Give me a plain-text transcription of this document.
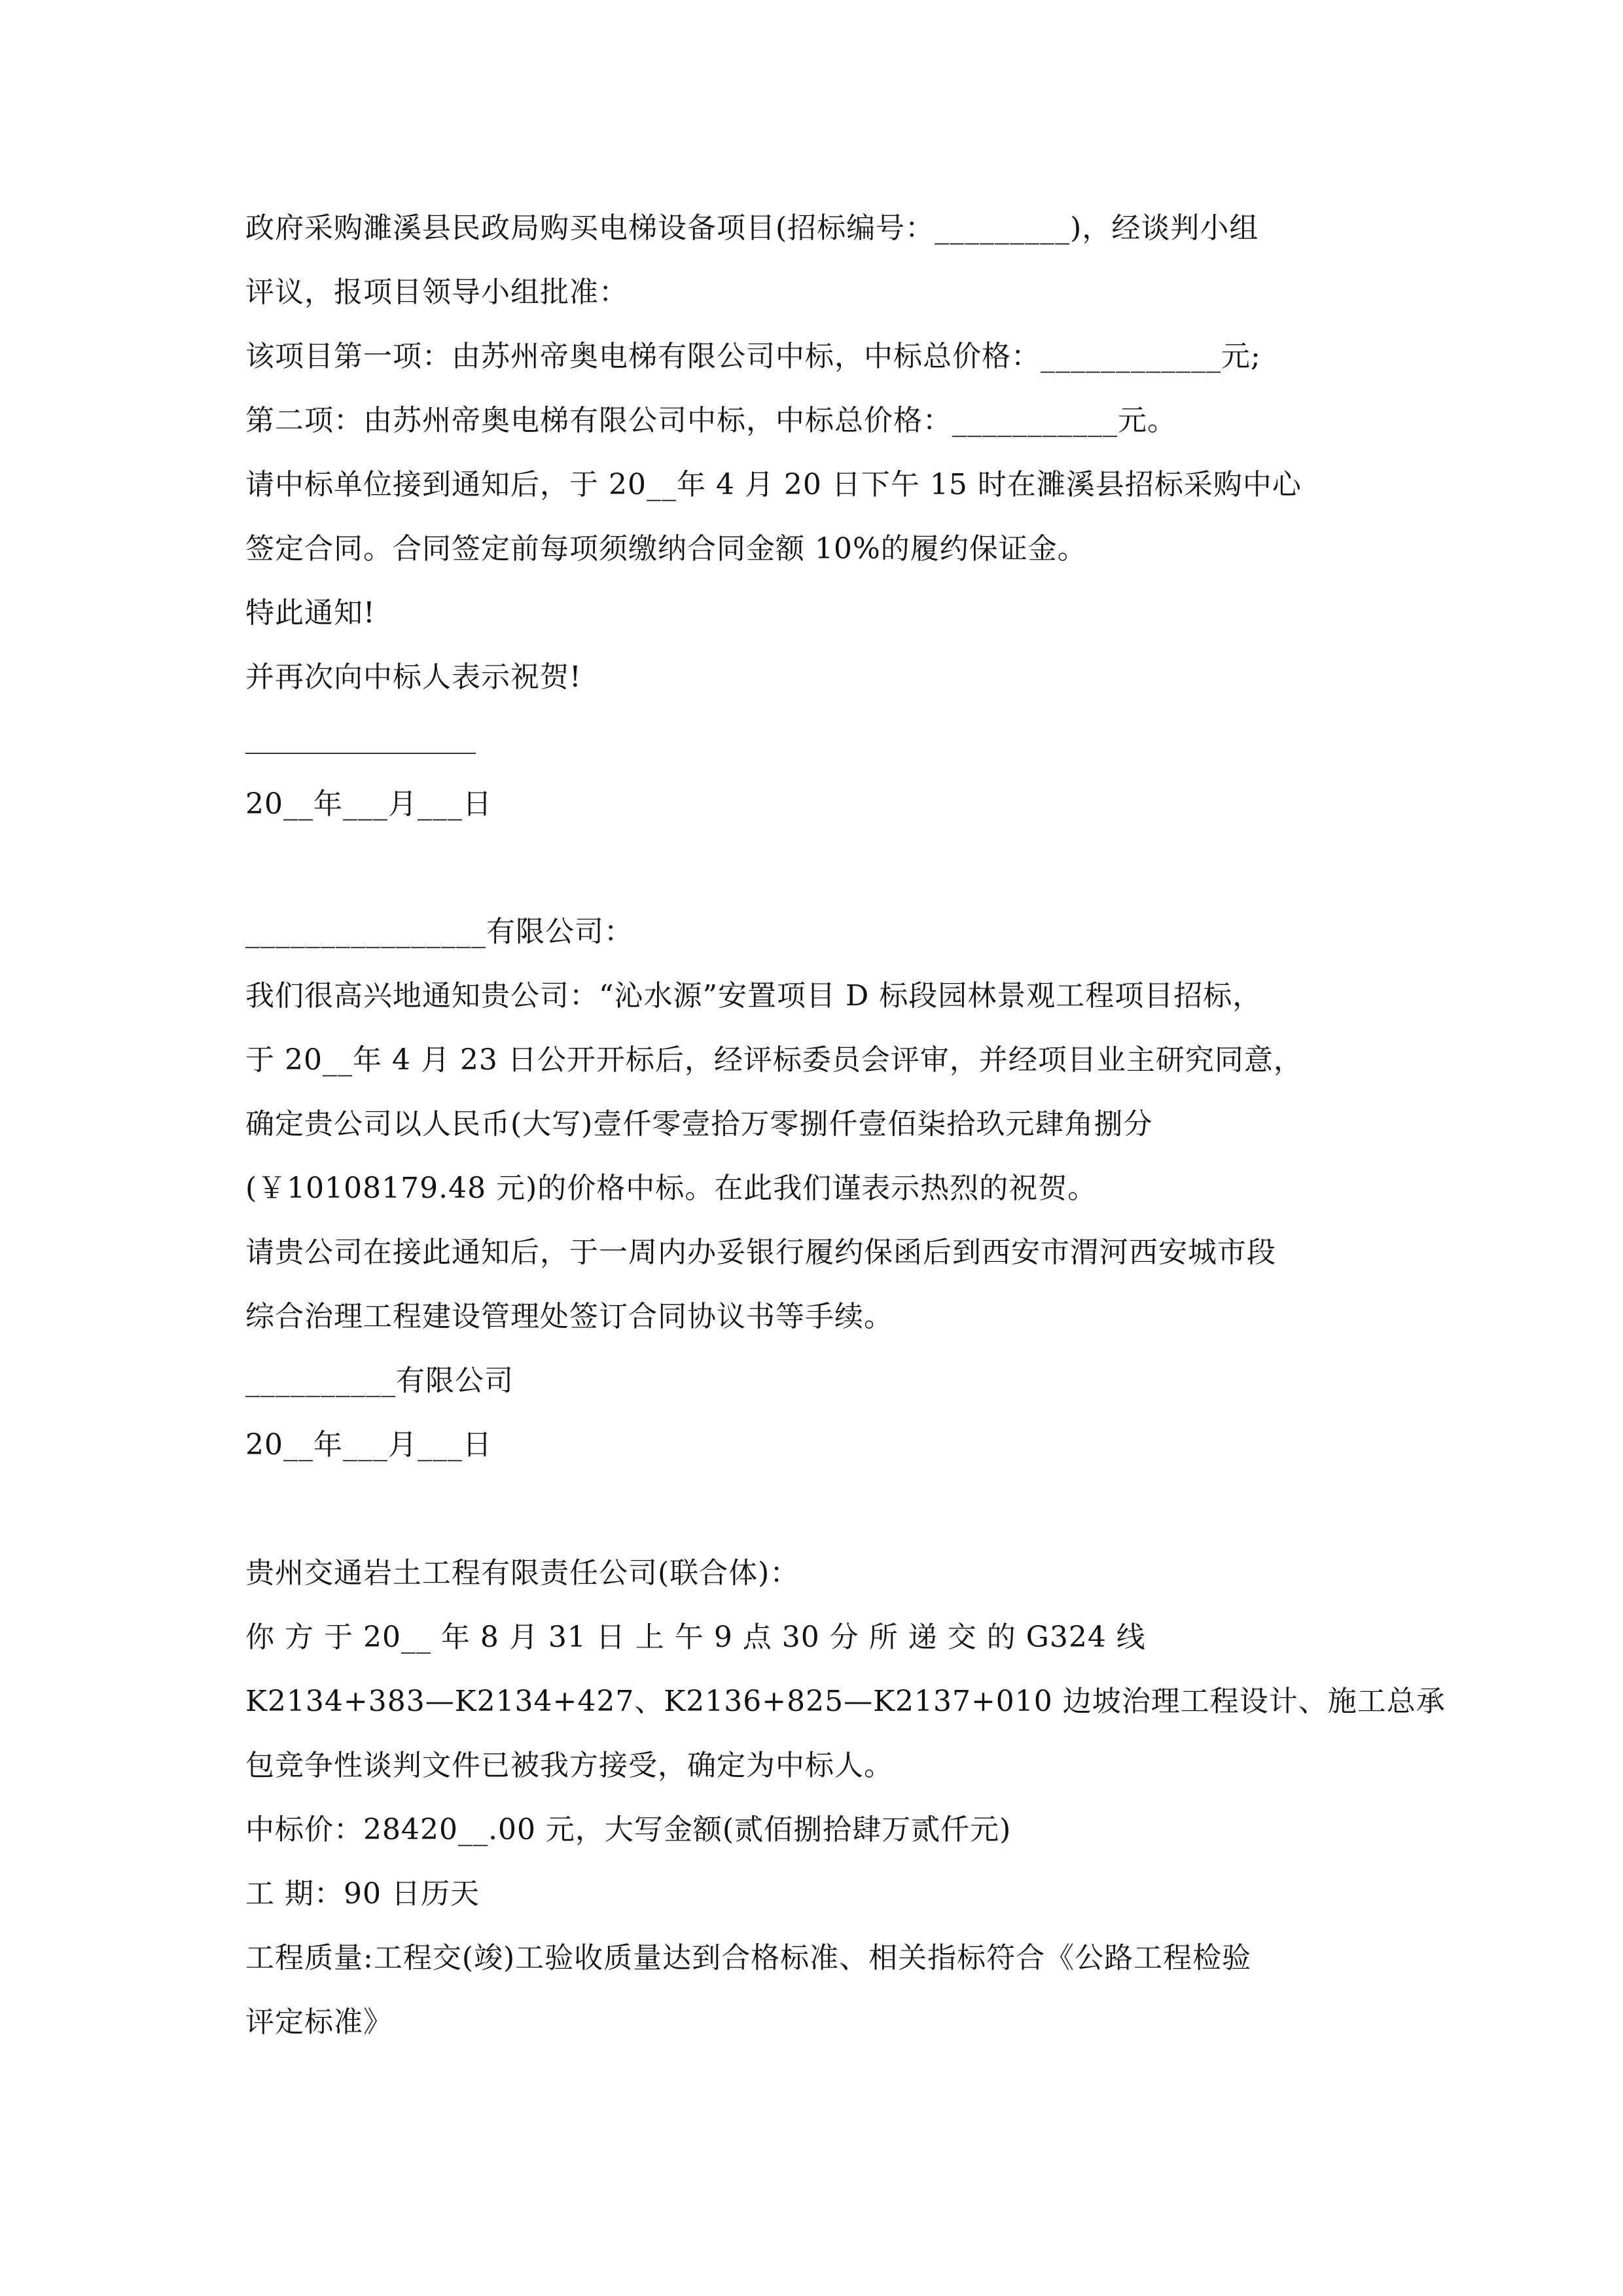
政府采购濉溪县民政局购买电梯设备项目(招标编号：_________)，经谈判小组
评议，报项目领导小组批准：
该项目第一项：由苏州帝奥电梯有限公司中标，中标总价格：____________元;
第二项：由苏州帝奥电梯有限公司中标，中标总价格：___________元。
请中标单位接到通知后，于 20__年 4 月 20 日下午 15 时在濉溪县招标采购中心
签定合同。合同签定前每项须缴纳合同金额 10%的履约保证金。
特此通知!
并再次向中标人表示祝贺!
20__年___月___日
________________有限公司：
我们很高兴地通知贵公司：“沁水源”安置项目 D 标段园林景观工程项目招标，
于 20__年 4 月 23 日公开开标后，经评标委员会评审，并经项目业主研究同意，
确定贵公司以人民币(大写)壹仟零壹拾万零捌仟壹佰柒拾玖元肆角捌分
(￥10108179.48 元)的价格中标。在此我们谨表示热烈的祝贺。
请贵公司在接此通知后，于一周内办妥银行履约保函后到西安市渭河西安城市段
综合治理工程建设管理处签订合同协议书等手续。
__________有限公司
20__年___月___日
贵州交通岩土工程有限责任公司(联合体)：
你 方 于 20__ 年 8 月 31 日 上 午 9 点 30 分 所 递 交 的 G324 线
K2134+383—K2134+427、K2136+825—K2137+010 边坡治理工程设计、施工总承
包竞争性谈判文件已被我方接受，确定为中标人。
中标价：28420__.00 元，大写金额(贰佰捌拾肆万贰仟元)
工 期：90 日历天
工程质量:工程交(竣)工验收质量达到合格标准、相关指标符合《公路工程检验
评定标准》
